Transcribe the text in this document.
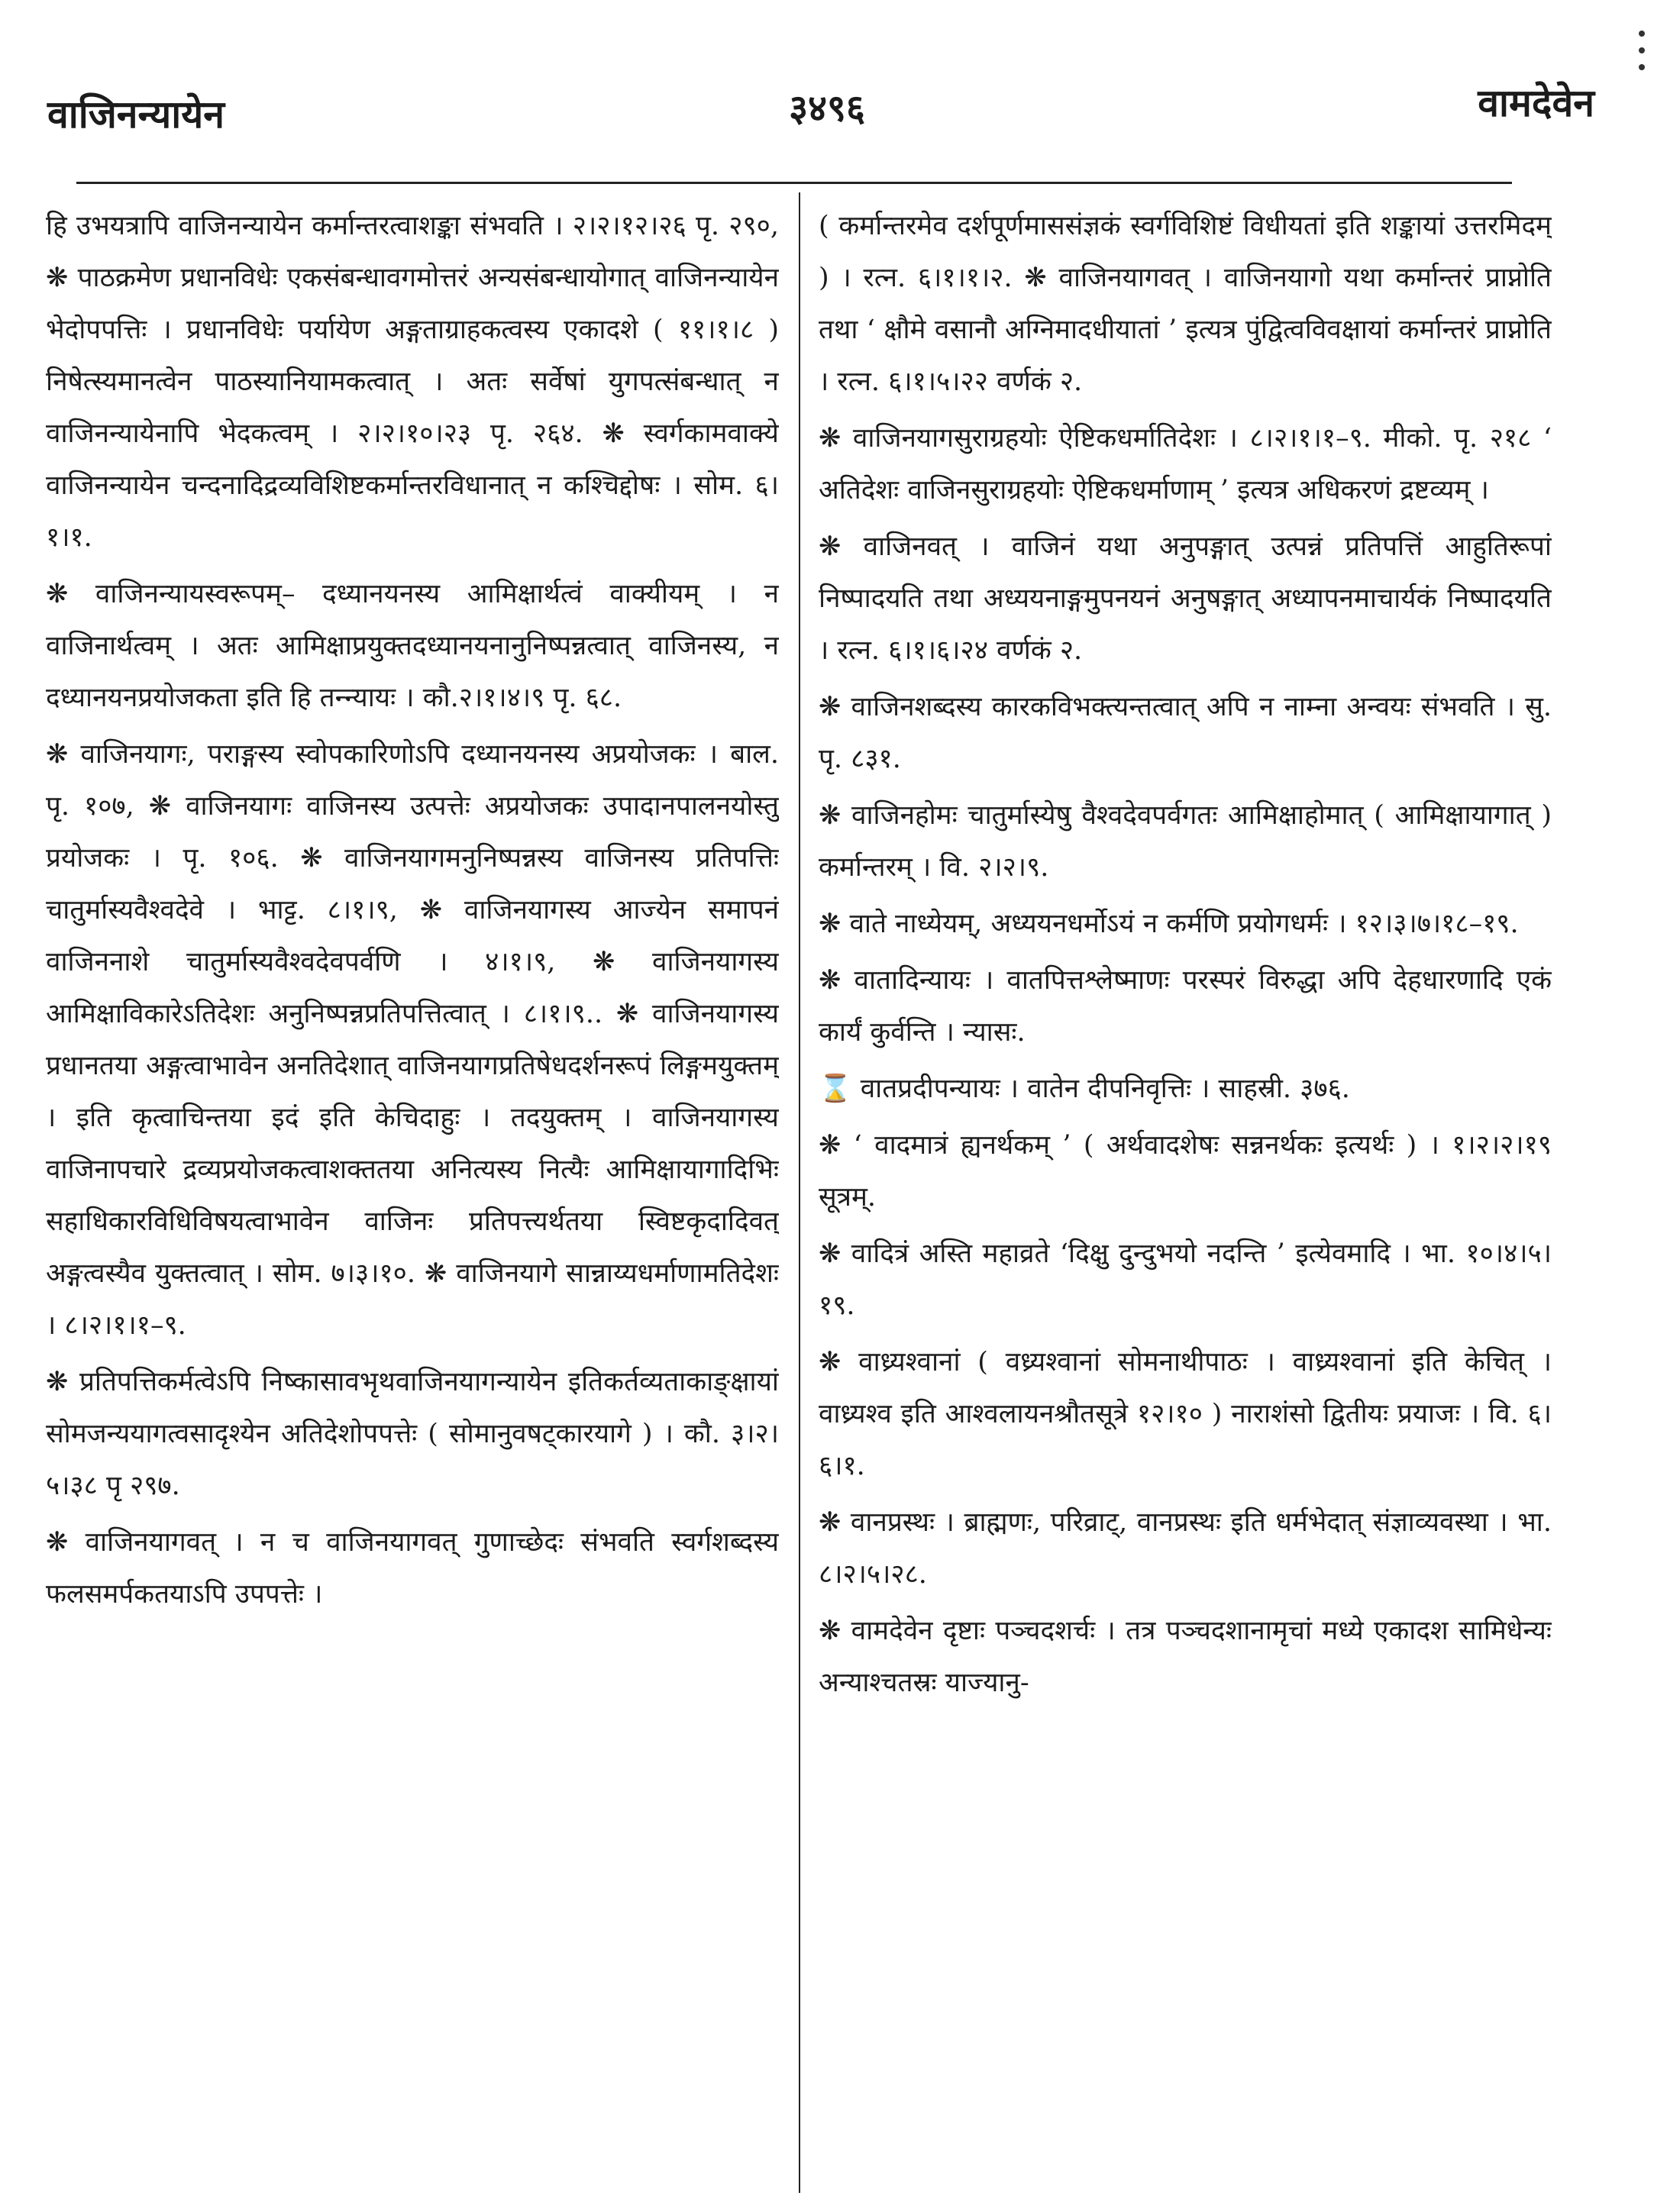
३४९६
वाजिनन्यायेन	वामदेवेन

हि उभयत्रापि वाजिनन्यायेन कर्मान्तरत्वाशङ्का संभवति । २।२।१२।२६ पृ. २९०, ❋ पाठक्रमेण प्रधानविधेः एकसंबन्धावगमोत्तरं अन्यसंबन्धायोगात् वाजिनन्यायेन भेदोपपत्तिः । प्रधानविधेः पर्यायेण अङ्गताग्राहकत्वस्य एकादशे ( ११।१।८ ) निषेत्स्यमानत्वेन पाठस्यानियामकत्वात् । अतः सर्वेषां युगपत्संबन्धात् न वाजिनन्यायेनापि भेदकत्वम् । २।२।१०।२३ पृ. २६४. ❋ स्वर्गकामवाक्ये वाजिनन्यायेन चन्दनादिद्रव्यविशिष्टकर्मान्तरविधानात् न कश्चिद्दोषः । सोम. ६।१।१.

❋ वाजिनन्यायस्वरूपम्– दध्यानयनस्य आमिक्षार्थत्वं वाक्यीयम् । न वाजिनार्थत्वम् । अतः आमिक्षाप्रयुक्तदध्यानयनानुनिष्पन्नत्वात् वाजिनस्य, न दध्यानयनप्रयोजकता इति हि तन्न्यायः । कौ.२।१।४।९ पृ. ६८.

❋ वाजिनयागः, पराङ्गस्य स्वोपकारिणोऽपि दध्यानयनस्य अप्रयोजकः । बाल. पृ. १०७, ❋ वाजिनयागः वाजिनस्य उत्पत्तेः अप्रयोजकः उपादानपालनयोस्तु प्रयोजकः । पृ. १०६. ❋ वाजिनयागमनुनिष्पन्नस्य वाजिनस्य प्रतिपत्तिः चातुर्मास्यवैश्वदेवे । भाट्ट. ८।१।९, ❋ वाजिनयागस्य आज्येन समापनं वाजिननाशे चातुर्मास्यवैश्वदेवपर्वणि । ४।१।९, ❋ वाजिनयागस्य आमिक्षाविकारेऽतिदेशः अनुनिष्पन्नप्रतिपत्तित्वात् । ८।१।९.. ❋ वाजिनयागस्य प्रधानतया अङ्गत्वाभावेन अनतिदेशात् वाजिनयागप्रतिषेधदर्शनरूपं लिङ्गमयुक्तम् । इति कृत्वाचिन्तया इदं इति केचिदाहुः । तदयुक्तम् । वाजिनयागस्य वाजिनापचारे द्रव्यप्रयोजकत्वाशक्ततया अनित्यस्य नित्यैः आमिक्षायागादिभिः सहाधिकारविधिविषयत्वाभावेन वाजिनः प्रतिपत्त्यर्थतया स्विष्टकृदादिवत् अङ्गत्वस्यैव युक्तत्वात् । सोम. ७।३।१०. ❋ वाजिनयागे सान्नाय्यधर्माणामतिदेशः । ८।२।१।१–९.

❋ प्रतिपत्तिकर्मत्वेऽपि निष्कासावभृथवाजिनयागन्यायेन इतिकर्तव्यताकाङ्क्षायां सोमजन्ययागत्वसादृश्येन अतिदेशोपपत्तेः ( सोमानुवषट्कारयागे ) । कौ. ३।२।५।३८ पृ २९७.

❋ वाजिनयागवत् । न च वाजिनयागवत् गुणाच्छेदः संभवति स्वर्गशब्दस्य फलसमर्पकतयाऽपि उपपत्तेः ।

( कर्मान्तरमेव दर्शपूर्णमाससंज्ञकं स्वर्गविशिष्टं विधीयतां इति शङ्कायां उत्तरमिदम् ) । रत्न. ६।१।१।२. ❋ वाजिनयागवत् । वाजिनयागो यथा कर्मान्तरं प्राप्नोति तथा ‘ क्षौमे वसानौ अग्निमादधीयातां ’ इत्यत्र पुंद्वित्वविवक्षायां कर्मान्तरं प्राप्नोति । रत्न. ६।१।५।२२ वर्णकं २.

❋ वाजिनयागसुराग्रहयोः ऐष्टिकधर्मातिदेशः । ८।२।१।१–९. मीको. पृ. २१८ ‘ अतिदेशः वाजिनसुराग्रहयोः ऐष्टिकधर्माणाम् ’ इत्यत्र अधिकरणं द्रष्टव्यम् ।

❋ वाजिनवत् । वाजिनं यथा अनुपङ्गात् उत्पन्नं प्रतिपत्तिं आहुतिरूपां निष्पादयति तथा अध्ययनाङ्गमुपनयनं अनुषङ्गात् अध्यापनमाचार्यकं निष्पादयति । रत्न. ६।१।६।२४ वर्णकं २.

❋ वाजिनशब्दस्य कारकविभक्त्यन्तत्वात् अपि न नाम्ना अन्वयः संभवति । सु. पृ. ८३१.

❋ वाजिनहोमः चातुर्मास्येषु वैश्वदेवपर्वगतः आमिक्षाहोमात् ( आमिक्षायागात् ) कर्मान्तरम् । वि. २।२।९.

❋ वाते नाध्येयम्, अध्ययनधर्मोऽयं न कर्मणि प्रयोगधर्मः । १२।३।७।१८–१९.

❋ वातादिन्यायः । वातपित्तश्लेष्माणः परस्परं विरुद्धा अपि देहधारणादि एकं कार्यं कुर्वन्ति । न्यासः.

⌛ वातप्रदीपन्यायः । वातेन दीपनिवृत्तिः । साहस्री. ३७६.

❋ ‘ वादमात्रं ह्यनर्थकम् ’ ( अर्थवादशेषः सन्ननर्थकः इत्यर्थः ) । १।२।२।१९ सूत्रम्.

❋ वादित्रं अस्ति महाव्रते ‘दिक्षु दुन्दुभयो नदन्ति ’ इत्येवमादि । भा. १०।४।५।१९.

❋ वाध्र्यश्वानां ( वध्र्यश्वानां सोमनाथीपाठः । वाध्र्यश्वानां इति केचित् । वाध्र्यश्व इति आश्वलायनश्रौतसूत्रे १२।१० ) नाराशंसो द्वितीयः प्रयाजः । वि. ६।६।१.

❋ वानप्रस्थः । ब्राह्मणः, परिव्राट्, वानप्रस्थः इति धर्मभेदात् संज्ञाव्यवस्था । भा. ८।२।५।२८.

❋ वामदेवेन दृष्टाः पञ्चदशर्चः । तत्र पञ्चदशानामृचां मध्ये एकादश सामिधेन्यः अन्याश्चतस्रः याज्यानु-
